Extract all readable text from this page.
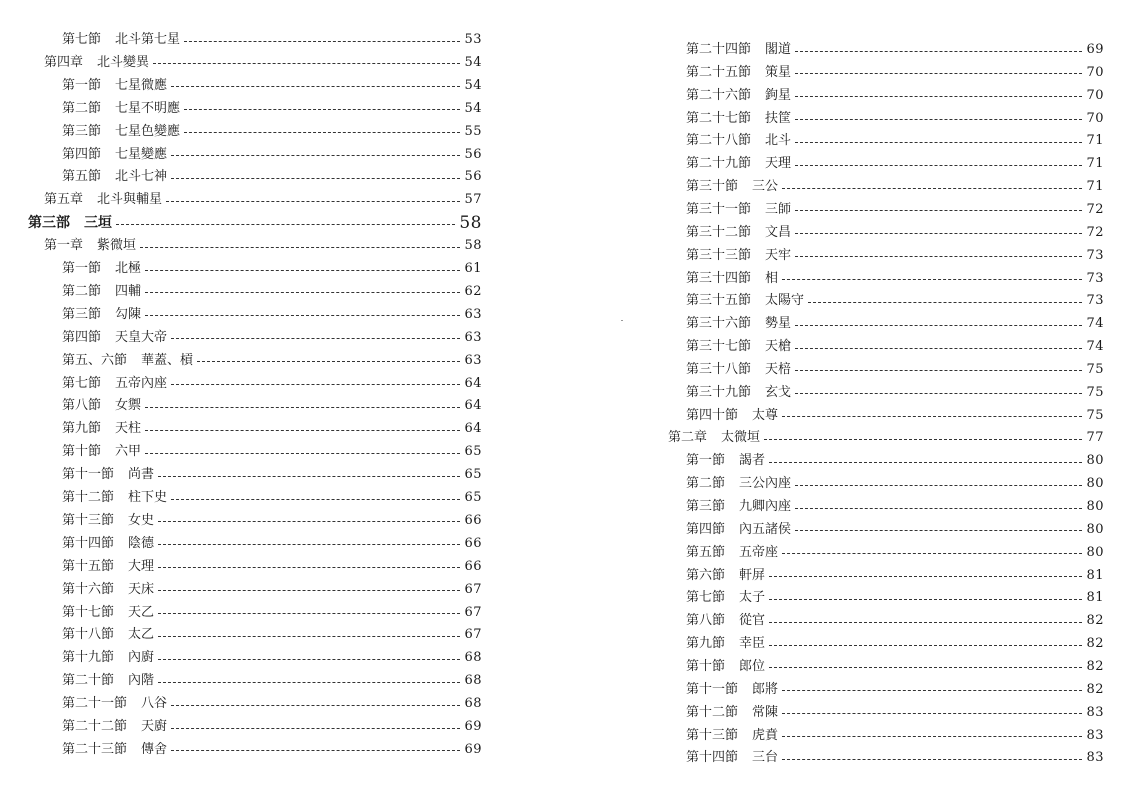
第七節 北斗第七星	53
第四章 北斗變異	54
第一節 七星微應	54
第二節 七星不明應	54
第三節 七星色變應	55
第四節 七星變應	56
第五節 北斗七神	56
第五章 北斗與輔星	57
第三部 三垣	58
第一章 紫微垣	58
第一節 北極	61
第二節 四輔	62
第三節 勾陳	63
第四節 天皇大帝	63
第五、六節 華蓋、槓	63
第七節 五帝內座	64
第八節 女禦	64
第九節 天柱	64
第十節 六甲	65
第十一節 尚書	65
第十二節 柱下史	65
第十三節 女史	66
第十四節 陰德	66
第十五節 大理	66
第十六節 天床	67
第十七節 天乙	67
第十八節 太乙	67
第十九節 內廚	68
第二十節 內階	68
第二十一節 八谷	68
第二十二節 天廚	69
第二十三節 傳舍	69
第二十四節 閣道	69
第二十五節 策星	70
第二十六節 鉤星	70
第二十七節 扶筐	70
第二十八節 北斗	71
第二十九節 天理	71
第三十節 三公	71
第三十一節 三師	72
第三十二節 文昌	72
第三十三節 天牢	73
第三十四節 相	73
第三十五節 太陽守	73
第三十六節 勢星	74
第三十七節 天槍	74
第三十八節 天棓	75
第三十九節 玄戈	75
第四十節 太尊	75
第二章 太微垣	77
第一節 謁者	80
第二節 三公內座	80
第三節 九卿內座	80
第四節 內五諸侯	80
第五節 五帝座	80
第六節 軒屏	81
第七節 太子	81
第八節 從官	82
第九節 幸臣	82
第十節 郎位	82
第十一節 郎將	82
第十二節 常陳	83
第十三節 虎賁	83
第十四節 三台	83
